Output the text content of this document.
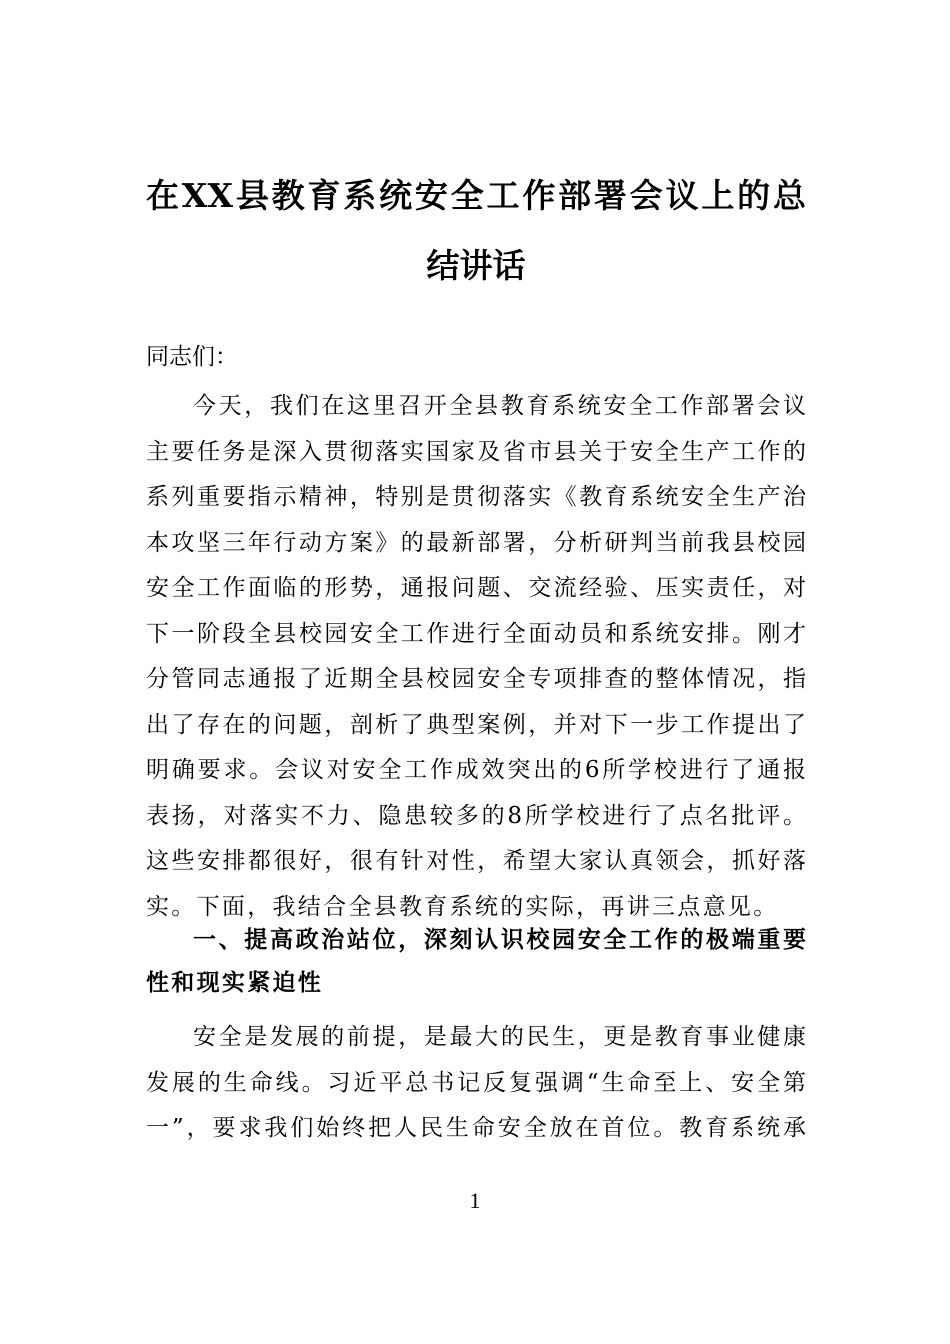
在XX县教育系统安全工作部署会议上的总
结讲话
同志们：
今天，我们在这里召开全县教育系统安全工作部署会议
主要任务是深入贯彻落实国家及省市县关于安全生产工作的
系列重要指示精神，特别是贯彻落实《教育系统安全生产治
本攻坚三年行动方案》的最新部署，分析研判当前我县校园
安全工作面临的形势，通报问题、交流经验、压实责任，对
下一阶段全县校园安全工作进行全面动员和系统安排。刚才
分管同志通报了近期全县校园安全专项排查的整体情况，指
出了存在的问题，剖析了典型案例，并对下一步工作提出了
明确要求。会议对安全工作成效突出的6所学校进行了通报
表扬，对落实不力、隐患较多的8所学校进行了点名批评。
这些安排都很好，很有针对性，希望大家认真领会，抓好落
实。下面，我结合全县教育系统的实际，再讲三点意见。
一、提高政治站位，深刻认识校园安全工作的极端重要
性和现实紧迫性
安全是发展的前提，是最大的民生，更是教育事业健康
发展的生命线。习近平总书记反复强调“生命至上、安全第
一”，要求我们始终把人民生命安全放在首位。教育系统承
1
